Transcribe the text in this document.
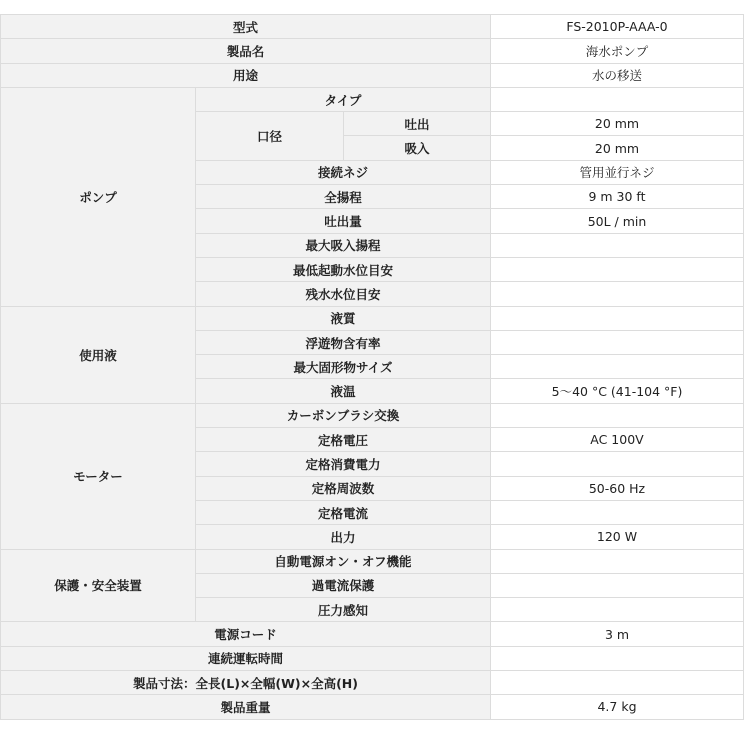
型式			FS-2010P-AAA-0
製品名			海水ポンプ
用途			水の移送
ポンプ	タイプ		
	口径	吐出	20 mm
		吸入	20 mm
	接続ネジ		管用並行ネジ
	全揚程		9 m 30 ft
	吐出量		50L / min
	最大吸入揚程		
	最低起動水位目安		
	残水水位目安		
使用液	液質		
	浮遊物含有率		
	最大固形物サイズ		
	液温		5～40 °C (41-104 °F)
モーター	カーボンブラシ交換		
	定格電圧		AC 100V
	定格消費電力		
	定格周波数		50-60 Hz
	定格電流		
	出力		120 W
保護・安全装置	自動電源オン・オフ機能		
	過電流保護		
	圧力感知		
電源コード			3 m
連続運転時間			
製品寸法：全長(L)×全幅(W)×全高(H)			
製品重量			4.7 kg
